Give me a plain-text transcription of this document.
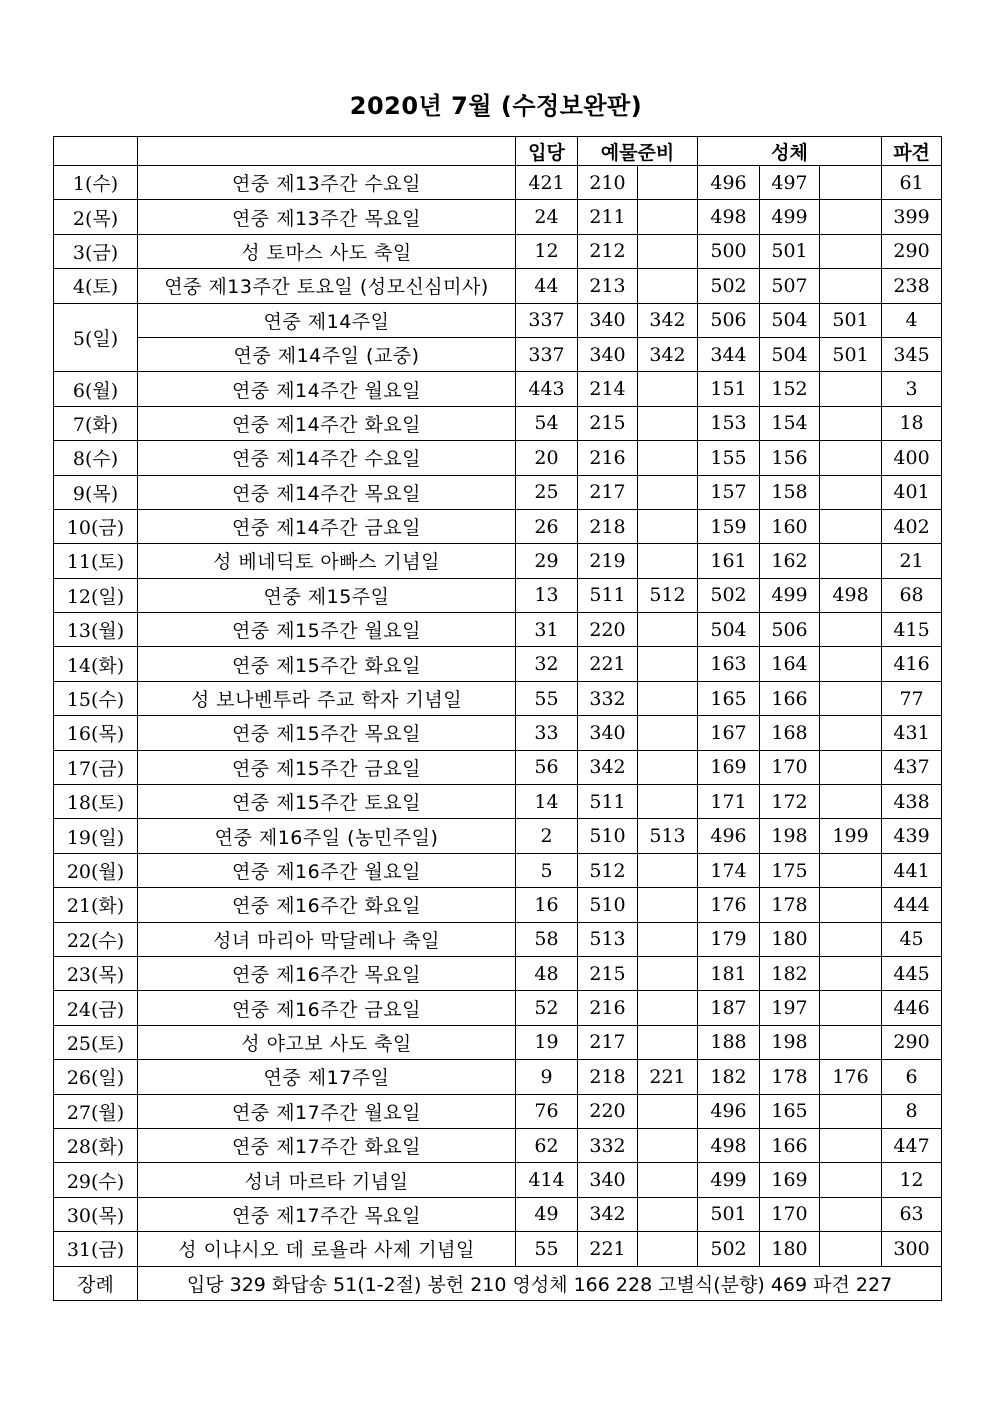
2020년 7월 (수정보완판)
		입당	예물준비		성체			파견
1(수)	연중 제13주간 수요일	421	210		496	497		61
2(목)	연중 제13주간 목요일	24	211		498	499		399
3(금)	성 토마스 사도 축일	12	212		500	501		290
4(토)	연중 제13주간 토요일 (성모신심미사)	44	213		502	507		238
5(일)	연중 제14주일	337	340	342	506	504	501	4
	연중 제14주일 (교중)	337	340	342	344	504	501	345
6(월)	연중 제14주간 월요일	443	214		151	152		3
7(화)	연중 제14주간 화요일	54	215		153	154		18
8(수)	연중 제14주간 수요일	20	216		155	156		400
9(목)	연중 제14주간 목요일	25	217		157	158		401
10(금)	연중 제14주간 금요일	26	218		159	160		402
11(토)	성 베네딕토 아빠스 기념일	29	219		161	162		21
12(일)	연중 제15주일	13	511	512	502	499	498	68
13(월)	연중 제15주간 월요일	31	220		504	506		415
14(화)	연중 제15주간 화요일	32	221		163	164		416
15(수)	성 보나벤투라 주교 학자 기념일	55	332		165	166		77
16(목)	연중 제15주간 목요일	33	340		167	168		431
17(금)	연중 제15주간 금요일	56	342		169	170		437
18(토)	연중 제15주간 토요일	14	511		171	172		438
19(일)	연중 제16주일 (농민주일)	2	510	513	496	198	199	439
20(월)	연중 제16주간 월요일	5	512		174	175		441
21(화)	연중 제16주간 화요일	16	510		176	178		444
22(수)	성녀 마리아 막달레나 축일	58	513		179	180		45
23(목)	연중 제16주간 목요일	48	215		181	182		445
24(금)	연중 제16주간 금요일	52	216		187	197		446
25(토)	성 야고보 사도 축일	19	217		188	198		290
26(일)	연중 제17주일	9	218	221	182	178	176	6
27(월)	연중 제17주간 월요일	76	220		496	165		8
28(화)	연중 제17주간 화요일	62	332		498	166		447
29(수)	성녀 마르타 기념일	414	340		499	169		12
30(목)	연중 제17주간 목요일	49	342		501	170		63
31(금)	성 이냐시오 데 로욜라 사제 기념일	55	221		502	180		300
장례	입당 329 화답송 51(1-2절) 봉헌 210 영성체 166 228 고별식(분향) 469 파견 227							
